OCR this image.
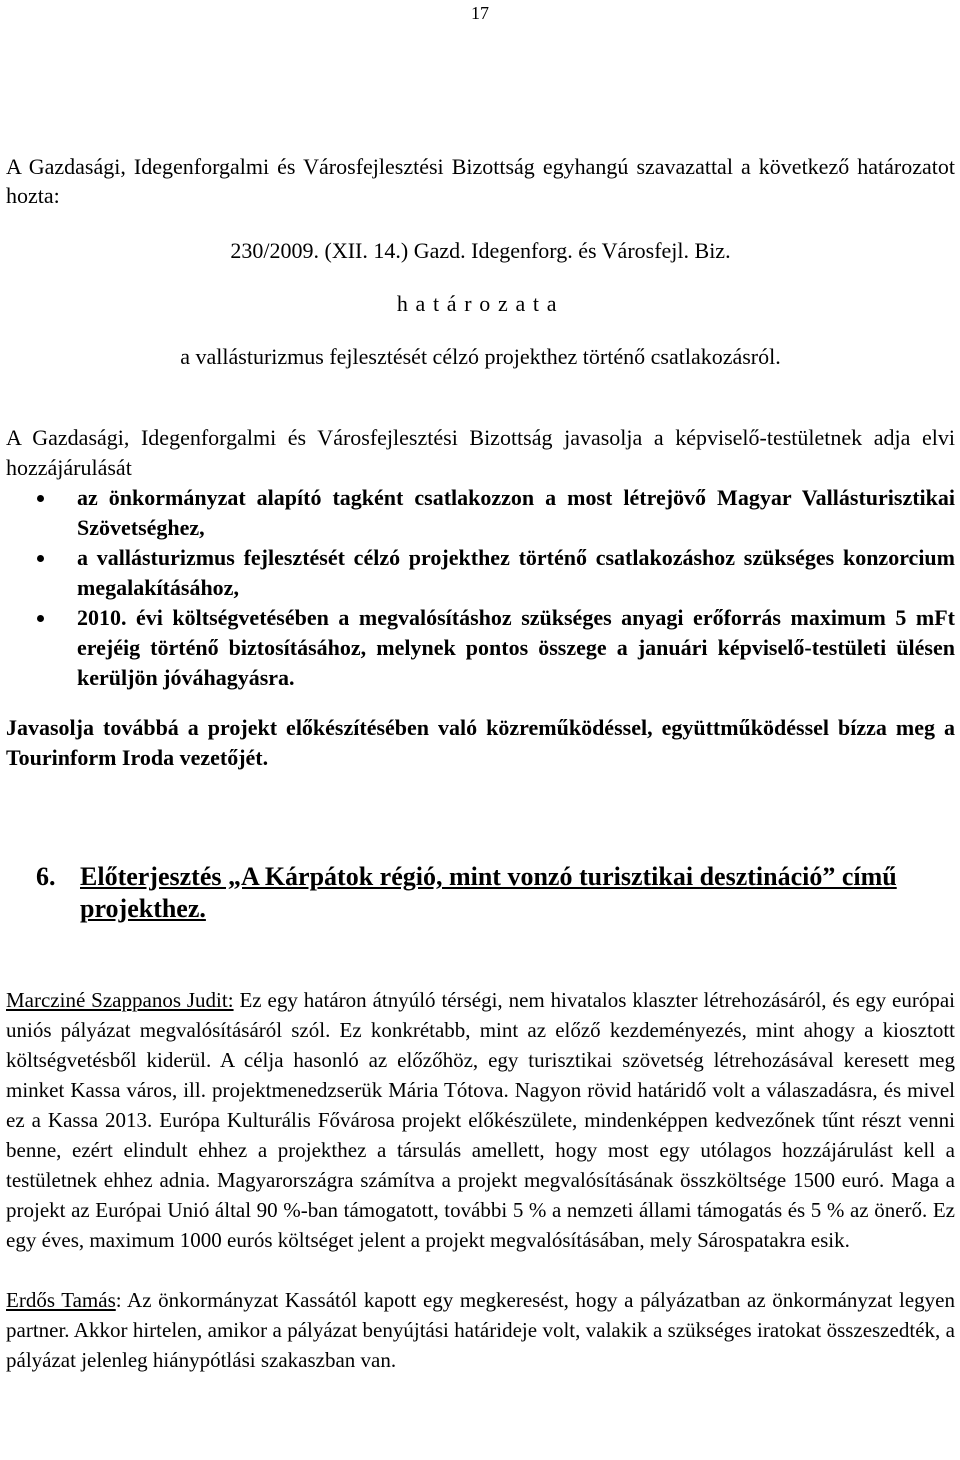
17

A Gazdasági, Idegenforgalmi és Városfejlesztési Bizottság egyhangú szavazattal a következő határozatot hozta:

230/2009. (XII. 14.) Gazd. Idegenforg. és Városfejl. Biz.

határozata

a vallásturizmus fejlesztését célzó projekthez történő csatlakozásról.

A Gazdasági, Idegenforgalmi és Városfejlesztési Bizottság javasolja a képviselő-testületnek adja elvi hozzájárulását

az önkormányzat alapító tagként csatlakozzon a most létrejövő Magyar Vallásturisztikai Szövetséghez,
a vallásturizmus fejlesztését célzó projekthez történő csatlakozáshoz szükséges konzorcium megalakításához,
2010. évi költségvetésében a megvalósításhoz szükséges anyagi erőforrás maximum 5 mFt erejéig történő biztosításához, melynek pontos összege a januári képviselő-testületi ülésen kerüljön jóváhagyásra.

Javasolja továbbá a projekt előkészítésében való közreműködéssel, együttműködéssel bízza meg a Tourinform Iroda vezetőjét.

6. Előterjesztés „A Kárpátok régió, mint vonzó turisztikai desztináció” című projekthez.

Marcziné Szappanos Judit: Ez egy határon átnyúló térségi, nem hivatalos klaszter létrehozásáról, és egy európai uniós pályázat megvalósításáról szól. Ez konkrétabb, mint az előző kezdeményezés, mint ahogy a kiosztott költségvetésből kiderül. A célja hasonló az előzőhöz, egy turisztikai szövetség létrehozásával keresett meg minket Kassa város, ill. projektmenedzserük Mária Tótova. Nagyon rövid határidő volt a válaszadásra, és mivel ez a Kassa 2013. Európa Kulturális Fővárosa projekt előkészülete, mindenképpen kedvezőnek tűnt részt venni benne, ezért elindult ehhez a projekthez a társulás amellett, hogy most egy utólagos hozzájárulást kell a testületnek ehhez adnia. Magyarországra számítva a projekt megvalósításának összköltsége 1500 euró. Maga a projekt az Európai Unió által 90 %-ban támogatott, további 5 % a nemzeti állami támogatás és 5 % az önerő. Ez egy éves, maximum 1000 eurós költséget jelent a projekt megvalósításában, mely Sárospatakra esik.

Erdős Tamás: Az önkormányzat Kassától kapott egy megkeresést, hogy a pályázatban az önkormányzat legyen partner. Akkor hirtelen, amikor a pályázat benyújtási határideje volt, valakik a szükséges iratokat összeszedték, a pályázat jelenleg hiánypótlási szakaszban van.
